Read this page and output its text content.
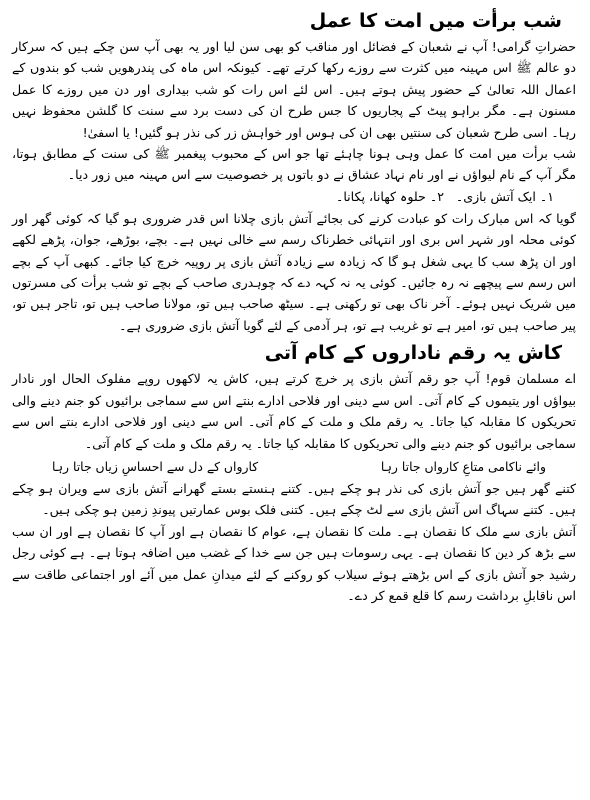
شب برأت میں امت کا عمل

حضراتِ گرامی! آپ نے شعبان کے فضائل اور مناقب کو بھی سن لیا اور یہ بھی آپ سن چکے ہیں کہ سرکار دو عالم ﷺ اس مہینہ میں کثرت سے روزے رکھا کرتے تھے۔ کیونکہ اس ماہ کی پندرھویں شب کو بندوں کے اعمال اللہ تعالیٰ کے حضور پیش ہوتے ہیں۔ اس لئے اس رات کو شب بیداری اور دن میں روزے کا عمل مسنون ہے۔ مگر براہو پیٹ کے پجاریوں کا جس طرح ان کی دست برد سے سنت کا گلشن محفوظ نہیں رہا۔ اسی طرح شعبان کی سنتیں بھی ان کی ہوس اور خواہش زر کی نذر ہو گئیں! یا اسفیٰ!

شب برأت میں امت کا عمل وہی ہونا چاہئے تھا جو اس کے محبوب پیغمبر ﷺ کی سنت کے مطابق ہوتا، مگر آپ کے نام لیواؤں نے اور نام نہاد عشاق نے دو باتوں پر خصوصیت سے اس مہینہ میں زور دیا۔

۱۔ ایک آتش بازی۔
۲۔ حلوہ کھانا، پکانا۔

گویا کہ اس مبارک رات کو عبادت کرنے کی بجائے آتش بازی چلانا اس قدر ضروری ہو گیا کہ کوئی گھر اور کوئی محلہ اور شہر اس بری اور انتہائی خطرناک رسم سے خالی نہیں ہے۔ بچے، بوڑھے، جوان، پڑھے لکھے اور ان پڑھ سب کا یہی شغل ہو گا کہ زیادہ سے زیادہ آتش بازی پر روپیہ خرچ کیا جائے۔ کبھی آپ کے بچے اس رسم سے پیچھے نہ رہ جائیں۔ کوئی یہ نہ کہہ دے کہ چوہدری صاحب کے بچے تو شب برأت کی مسرتوں میں شریک نہیں ہوئے۔ آخر ناک بھی تو رکھنی ہے۔ سیٹھ صاحب ہیں تو، مولانا صاحب ہیں تو، تاجر ہیں تو، پیر صاحب ہیں تو، امیر ہے تو غریب ہے تو، ہر آدمی کے لئے گویا آتش بازی ضروری ہے۔

کاش یہ رقم ناداروں کے کام آتی

اے مسلمان قوم! آپ جو رقم آتش بازی پر خرچ کرتے ہیں، کاش یہ لاکھوں روپے مفلوک الحال اور نادار بیواؤں اور یتیموں کے کام آتی۔ اس سے دینی اور فلاحی ادارے بنتے اس سے سماجی برائیوں کو جنم دینے والی تحریکوں کا مقابلہ کیا جاتا۔ یہ رقم ملک و ملت کے کام آتی۔ اس سے دینی اور فلاحی ادارے بنتے اس سے سماجی برائیوں کو جنم دینے والی تحریکوں کا مقابلہ کیا جاتا۔ یہ رقم ملک و ملت کے کام آتی۔

وائے ناکامی متاعِ کارواں جاتا رہا
کارواں کے دل سے احساسِ زیاں جاتا رہا

کتنے گھر ہیں جو آتش بازی کی نذر ہو چکے ہیں۔ کتنے ہنستے بستے گھرانے آتش بازی سے ویران ہو چکے ہیں۔ کتنے سہاگ اس آتش بازی سے لٹ چکے ہیں۔ کتنی فلک بوس عمارتیں پیوندِ زمین ہو چکی ہیں۔

آتش بازی سے ملک کا نقصان ہے۔ ملت کا نقصان ہے، عوام کا نقصان ہے اور آپ کا نقصان ہے اور ان سب سے بڑھ کر دین کا نقصان ہے۔ یہی رسومات ہیں جن سے خدا کے غضب میں اضافہ ہوتا ہے۔ ہے کوئی رجل رشید جو آتش بازی کے اس بڑھتے ہوئے سیلاب کو روکنے کے لئے میدانِ عمل میں آئے اور اجتماعی طاقت سے اس ناقابلِ برداشت رسم کا قلع قمع کر دے۔
